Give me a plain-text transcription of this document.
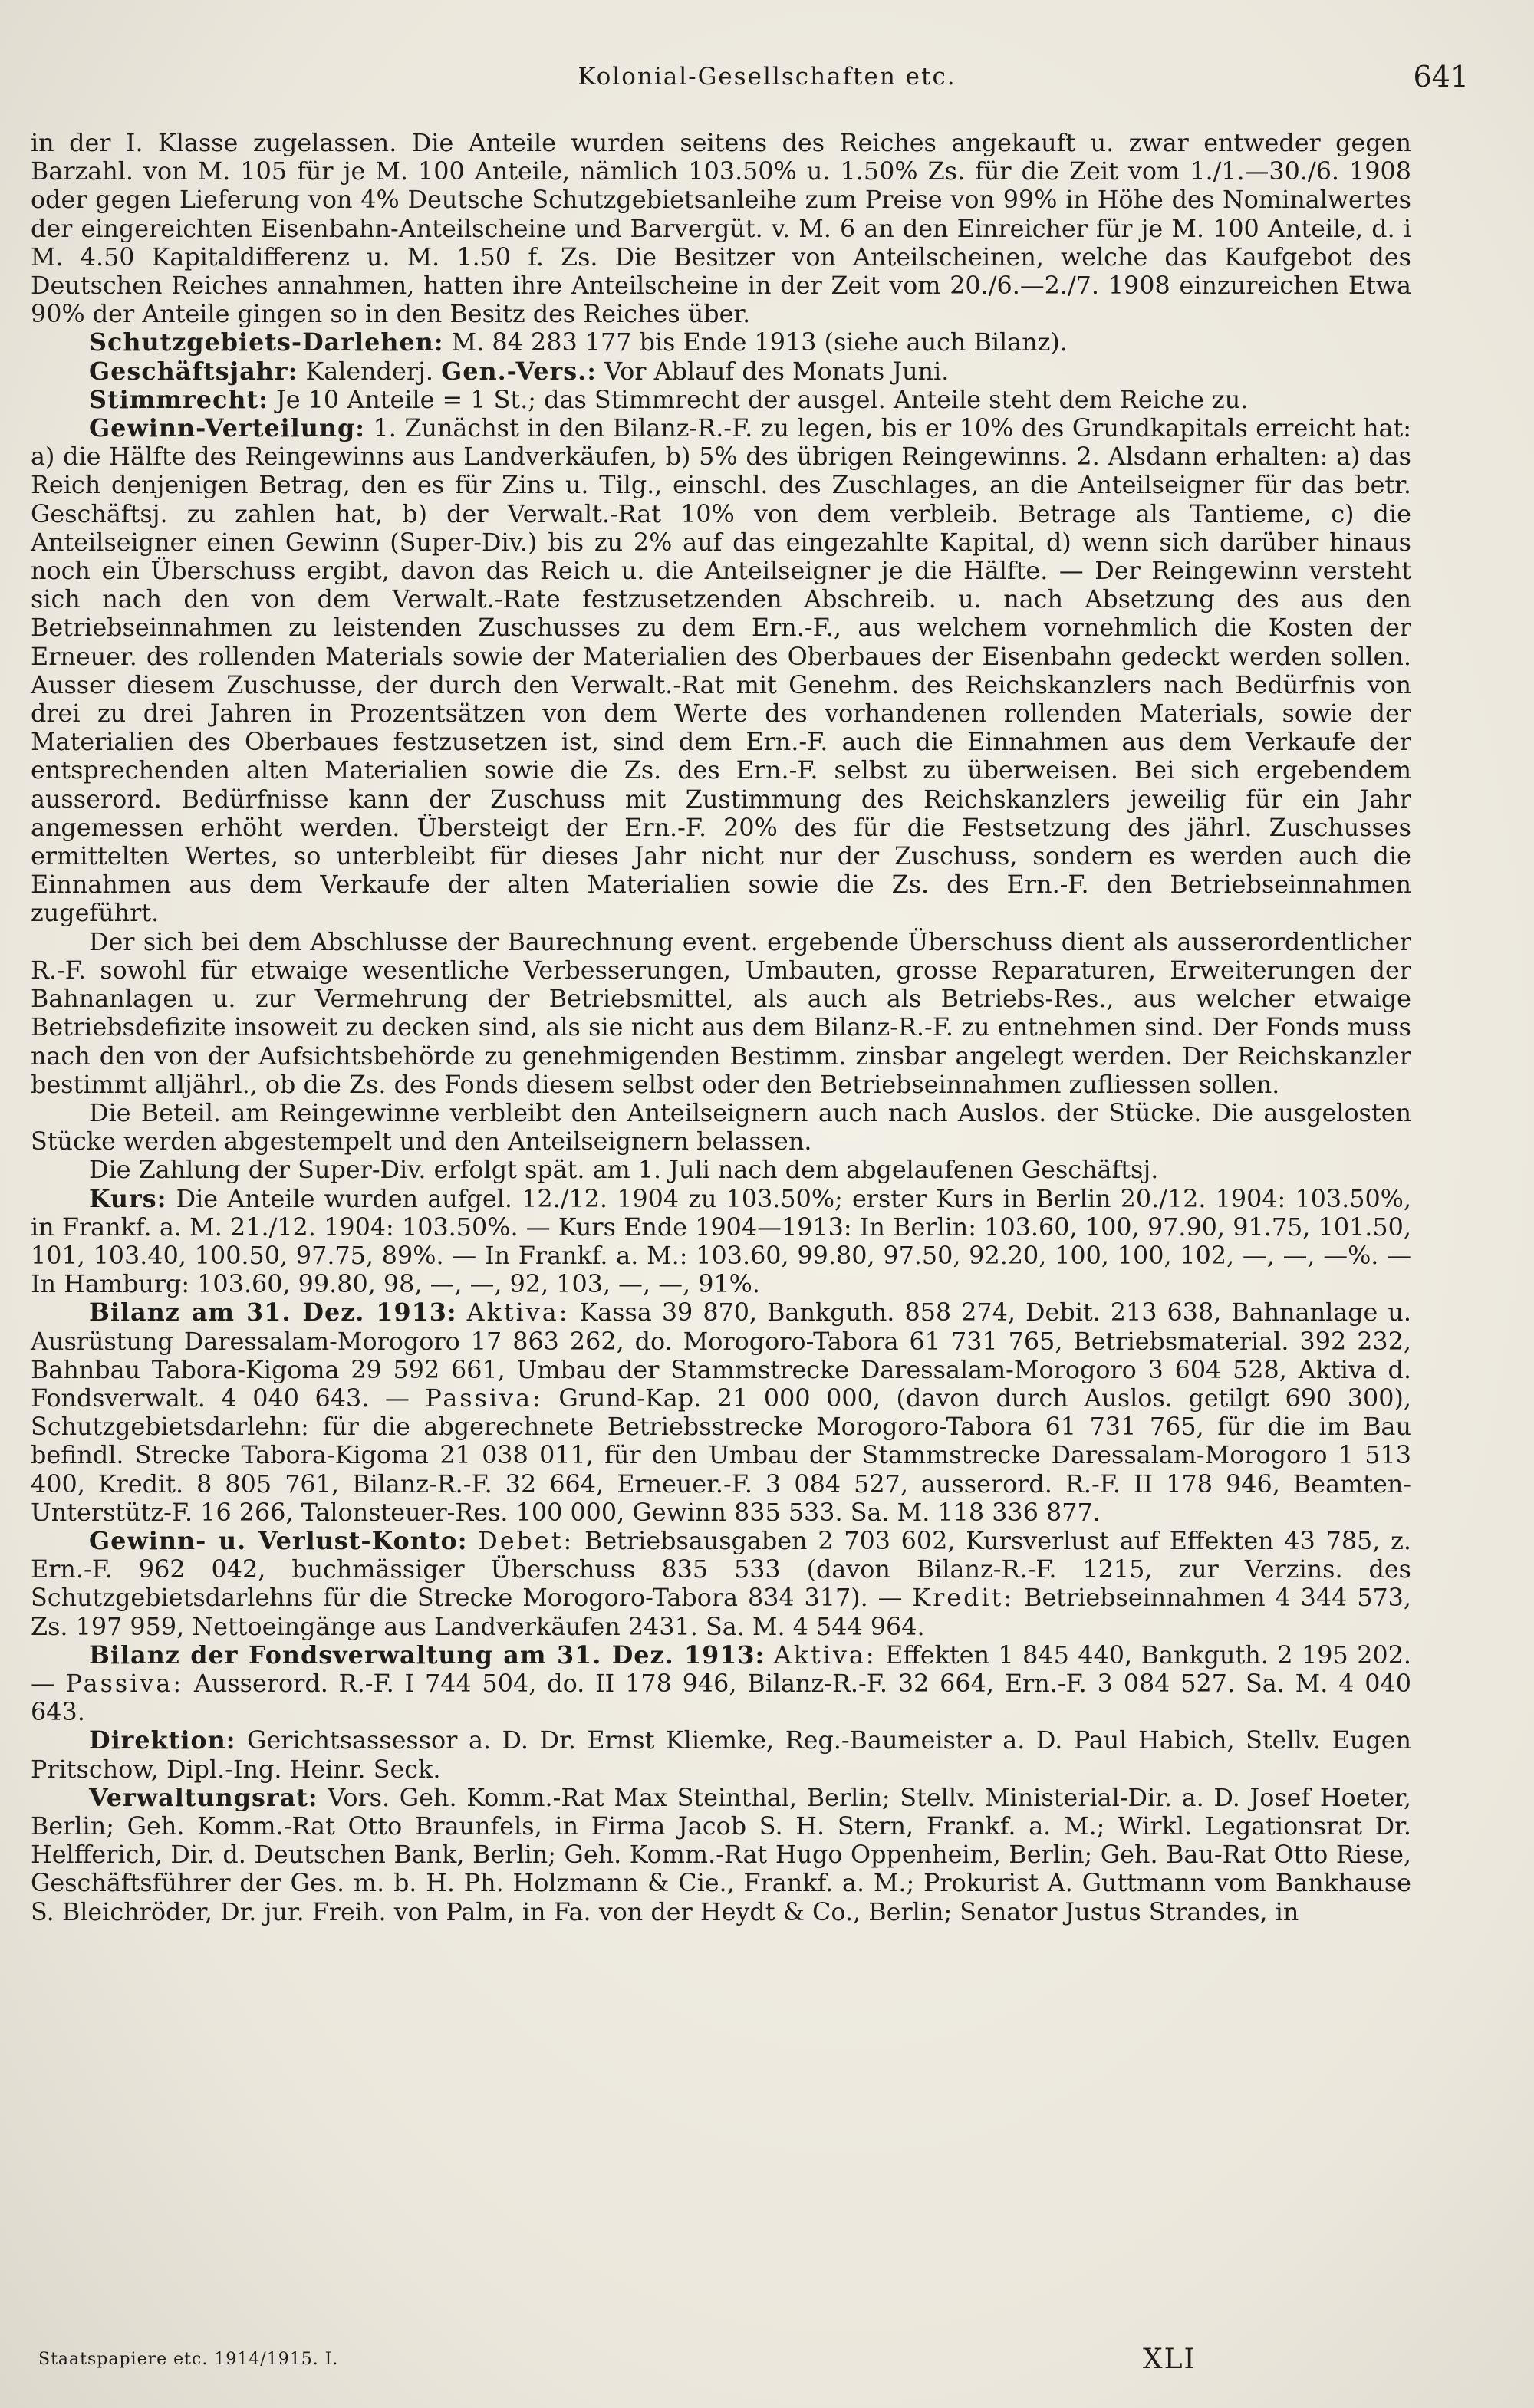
Kolonial-Gesellschaften etc.	641

in der I. Klasse zugelassen. Die Anteile wurden seitens des Reiches angekauft u. zwar entweder gegen Barzahl. von M. 105 für je M. 100 Anteile, nämlich 103.50% u. 1.50% Zs. für die Zeit vom 1./1.—30./6. 1908 oder gegen Lieferung von 4% Deutsche Schutzgebietsanleihe zum Preise von 99% in Höhe des Nominalwertes der eingereichten Eisenbahn-Anteilscheine und Barvergüt. v. M. 6 an den Einreicher für je M. 100 Anteile, d. i M. 4.50 Kapitaldifferenz u. M. 1.50 f. Zs. Die Besitzer von Anteilscheinen, welche das Kaufgebot des Deutschen Reiches annahmen, hatten ihre Anteilscheine in der Zeit vom 20./6.—2./7. 1908 einzureichen Etwa 90% der Anteile gingen so in den Besitz des Reiches über.

Schutzgebiets-Darlehen: M. 84 283 177 bis Ende 1913 (siehe auch Bilanz).

Geschäftsjahr: Kalenderj. Gen.-Vers.: Vor Ablauf des Monats Juni.

Stimmrecht: Je 10 Anteile = 1 St.; das Stimmrecht der ausgel. Anteile steht dem Reiche zu.

Gewinn-Verteilung: 1. Zunächst in den Bilanz-R.-F. zu legen, bis er 10% des Grundkapitals erreicht hat: a) die Hälfte des Reingewinns aus Landverkäufen, b) 5% des übrigen Reingewinns. 2. Alsdann erhalten: a) das Reich denjenigen Betrag, den es für Zins u. Tilg., einschl. des Zuschlages, an die Anteilseigner für das betr. Geschäftsj. zu zahlen hat, b) der Verwalt.-Rat 10% von dem verbleib. Betrage als Tantieme, c) die Anteilseigner einen Gewinn (Super-Div.) bis zu 2% auf das eingezahlte Kapital, d) wenn sich darüber hinaus noch ein Überschuss ergibt, davon das Reich u. die Anteilseigner je die Hälfte. — Der Reingewinn versteht sich nach den von dem Verwalt.-Rate festzusetzenden Abschreib. u. nach Absetzung des aus den Betriebseinnahmen zu leistenden Zuschusses zu dem Ern.-F., aus welchem vornehmlich die Kosten der Erneuer. des rollenden Materials sowie der Materialien des Oberbaues der Eisenbahn gedeckt werden sollen. Ausser diesem Zuschusse, der durch den Verwalt.-Rat mit Genehm. des Reichskanzlers nach Bedürfnis von drei zu drei Jahren in Prozentsätzen von dem Werte des vorhandenen rollenden Materials, sowie der Materialien des Oberbaues festzusetzen ist, sind dem Ern.-F. auch die Einnahmen aus dem Verkaufe der entsprechenden alten Materialien sowie die Zs. des Ern.-F. selbst zu überweisen. Bei sich ergebendem ausserord. Bedürfnisse kann der Zuschuss mit Zustimmung des Reichskanzlers jeweilig für ein Jahr angemessen erhöht werden. Übersteigt der Ern.-F. 20% des für die Festsetzung des jährl. Zuschusses ermittelten Wertes, so unterbleibt für dieses Jahr nicht nur der Zuschuss, sondern es werden auch die Einnahmen aus dem Verkaufe der alten Materialien sowie die Zs. des Ern.-F. den Betriebseinnahmen zugeführt.

Der sich bei dem Abschlusse der Baurechnung event. ergebende Überschuss dient als ausserordentlicher R.-F. sowohl für etwaige wesentliche Verbesserungen, Umbauten, grosse Reparaturen, Erweiterungen der Bahnanlagen u. zur Vermehrung der Betriebsmittel, als auch als Betriebs-Res., aus welcher etwaige Betriebsdefizite insoweit zu decken sind, als sie nicht aus dem Bilanz-R.-F. zu entnehmen sind. Der Fonds muss nach den von der Aufsichtsbehörde zu genehmigenden Bestimm. zinsbar angelegt werden. Der Reichskanzler bestimmt alljährl., ob die Zs. des Fonds diesem selbst oder den Betriebseinnahmen zufliessen sollen.

Die Beteil. am Reingewinne verbleibt den Anteilseignern auch nach Auslos. der Stücke. Die ausgelosten Stücke werden abgestempelt und den Anteilseignern belassen.

Die Zahlung der Super-Div. erfolgt spät. am 1. Juli nach dem abgelaufenen Geschäftsj.

Kurs: Die Anteile wurden aufgel. 12./12. 1904 zu 103.50%; erster Kurs in Berlin 20./12. 1904: 103.50%, in Frankf. a. M. 21./12. 1904: 103.50%. — Kurs Ende 1904—1913: In Berlin: 103.60, 100, 97.90, 91.75, 101.50, 101, 103.40, 100.50, 97.75, 89%. — In Frankf. a. M.: 103.60, 99.80, 97.50, 92.20, 100, 100, 102, —, —, —%. — In Hamburg: 103.60, 99.80, 98, —, —, 92, 103, —, —, 91%.

Bilanz am 31. Dez. 1913: Aktiva: Kassa 39 870, Bankguth. 858 274, Debit. 213 638, Bahnanlage u. Ausrüstung Daressalam-Morogoro 17 863 262, do. Morogoro-Tabora 61 731 765, Betriebsmaterial. 392 232, Bahnbau Tabora-Kigoma 29 592 661, Umbau der Stammstrecke Daressalam-Morogoro 3 604 528, Aktiva d. Fondsverwalt. 4 040 643. — Passiva: Grund-Kap. 21 000 000, (davon durch Auslos. getilgt 690 300), Schutzgebietsdarlehn: für die abgerechnete Betriebsstrecke Morogoro-Tabora 61 731 765, für die im Bau befindl. Strecke Tabora-Kigoma 21 038 011, für den Umbau der Stammstrecke Daressalam-Morogoro 1 513 400, Kredit. 8 805 761, Bilanz-R.-F. 32 664, Erneuer.-F. 3 084 527, ausserord. R.-F. II 178 946, Beamten-Unterstütz-F. 16 266, Talonsteuer-Res. 100 000, Gewinn 835 533. Sa. M. 118 336 877.

Gewinn- u. Verlust-Konto: Debet: Betriebsausgaben 2 703 602, Kursverlust auf Effekten 43 785, z. Ern.-F. 962 042, buchmässiger Überschuss 835 533 (davon Bilanz-R.-F. 1215, zur Verzins. des Schutzgebietsdarlehns für die Strecke Morogoro-Tabora 834 317). — Kredit: Betriebseinnahmen 4 344 573, Zs. 197 959, Nettoeingänge aus Landverkäufen 2431. Sa. M. 4 544 964.

Bilanz der Fondsverwaltung am 31. Dez. 1913: Aktiva: Effekten 1 845 440, Bankguth. 2 195 202. — Passiva: Ausserord. R.-F. I 744 504, do. II 178 946, Bilanz-R.-F. 32 664, Ern.-F. 3 084 527. Sa. M. 4 040 643.

Direktion: Gerichtsassessor a. D. Dr. Ernst Kliemke, Reg.-Baumeister a. D. Paul Habich, Stellv. Eugen Pritschow, Dipl.-Ing. Heinr. Seck.

Verwaltungsrat: Vors. Geh. Komm.-Rat Max Steinthal, Berlin; Stellv. Ministerial-Dir. a. D. Josef Hoeter, Berlin; Geh. Komm.-Rat Otto Braunfels, in Firma Jacob S. H. Stern, Frankf. a. M.; Wirkl. Legationsrat Dr. Helfferich, Dir. d. Deutschen Bank, Berlin; Geh. Komm.-Rat Hugo Oppenheim, Berlin; Geh. Bau-Rat Otto Riese, Geschäftsführer der Ges. m. b. H. Ph. Holzmann & Cie., Frankf. a. M.; Prokurist A. Guttmann vom Bankhause S. Bleichröder, Dr. jur. Freih. von Palm, in Fa. von der Heydt & Co., Berlin; Senator Justus Strandes, in

Staatspapiere etc. 1914/1915. I.	XLI
